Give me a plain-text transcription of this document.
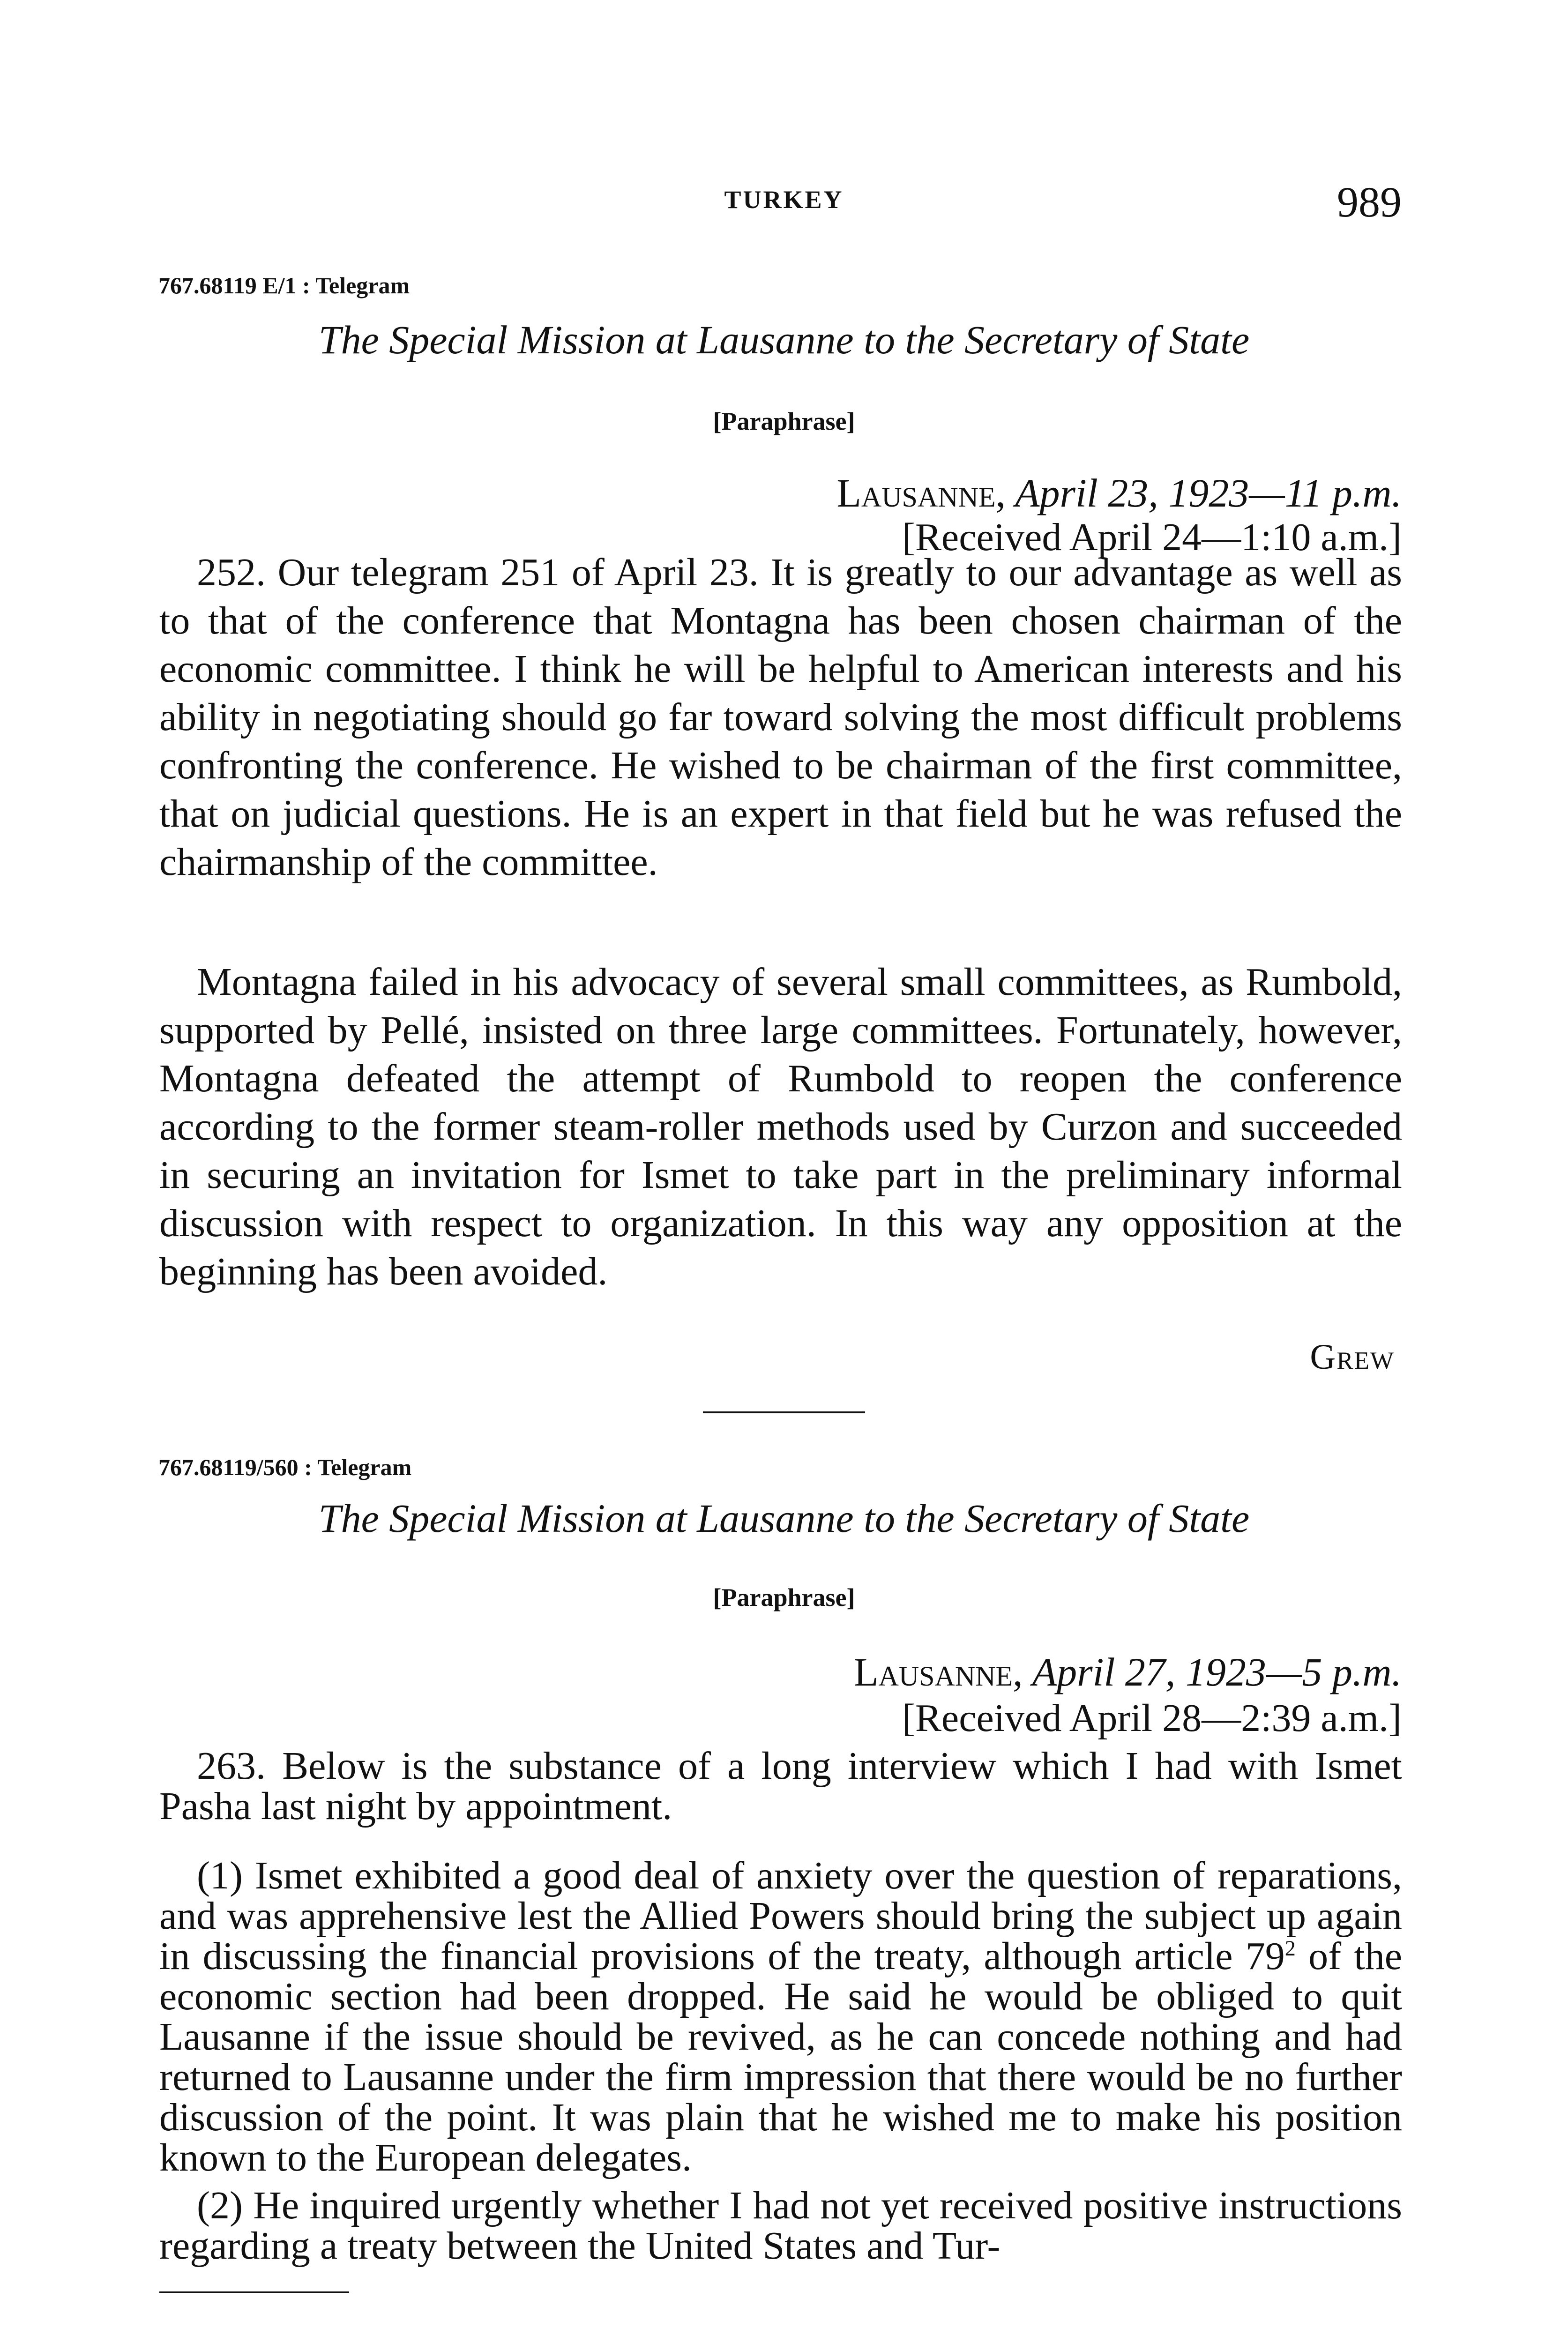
TURKEY	989
767.68119 E/1 : Telegram
The Special Mission at Lausanne to the Secretary of State
[Paraphrase]
Lausanne, April 23, 1923—11 p.m.
[Received April 24—1:10 a.m.]

252. Our telegram 251 of April 23. It is greatly to our advantage as well as to that of the conference that Montagna has been chosen chairman of the economic committee. I think he will be helpful to American interests and his ability in negotiating should go far toward solving the most difficult problems confronting the conference. He wished to be chairman of the first committee, that on judicial questions. He is an expert in that field but he was refused the chairmanship of the committee.

Montagna failed in his advocacy of several small committees, as Rumbold, supported by Pellé, insisted on three large committees. Fortunately, however, Montagna defeated the attempt of Rumbold to reopen the conference according to the former steam-roller methods used by Curzon and succeeded in securing an invitation for Ismet to take part in the preliminary informal discussion with respect to organization. In this way any opposition at the beginning has been avoided.

Grew
767.68119/560 : Telegram
The Special Mission at Lausanne to the Secretary of State
[Paraphrase]
Lausanne, April 27, 1923—5 p.m.
[Received April 28—2:39 a.m.]

263. Below is the substance of a long interview which I had with Ismet Pasha last night by appointment.

(1) Ismet exhibited a good deal of anxiety over the question of reparations, and was apprehensive lest the Allied Powers should bring the subject up again in discussing the financial provisions of the treaty, although article $79^2$ of the economic section had been dropped. He said he would be obliged to quit Lausanne if the issue should be revived, as he can concede nothing and had returned to Lausanne under the firm impression that there would be no further discussion of the point. It was plain that he wished me to make his position known to the European delegates.

(2) He inquired urgently whether I had not yet received positive instructions regarding a treaty between the United States and Tur-
